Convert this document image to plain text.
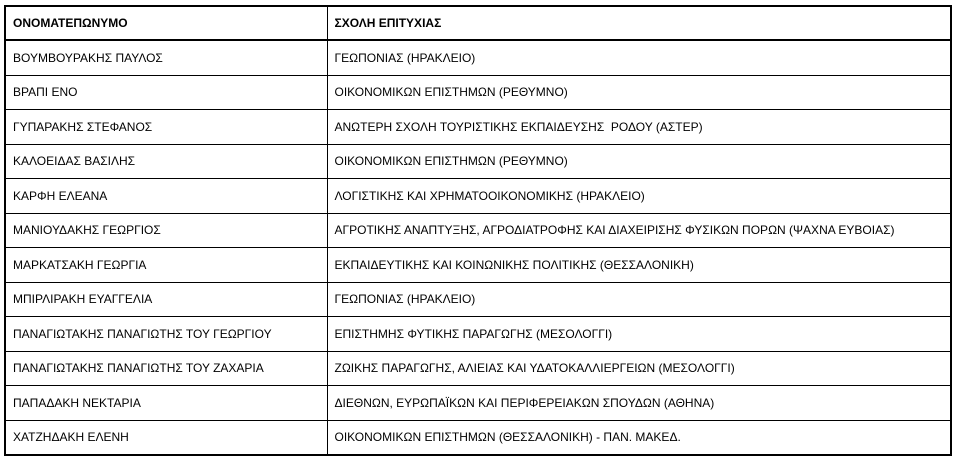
ΟΝΟΜΑΤΕΠΩΝΥΜΟ	ΣΧΟΛΗ ΕΠΙΤΥΧΙΑΣ
ΒΟΥΜΒΟΥΡΑΚΗΣ ΠΑΥΛΟΣ	ΓΕΩΠΟΝΙΑΣ (ΗΡΑΚΛΕΙΟ)
ΒΡΑΠΙ ΕΝΟ	ΟΙΚΟΝΟΜΙΚΩΝ ΕΠΙΣΤΗΜΩΝ (ΡΕΘΥΜΝΟ)
ΓΥΠΑΡΑΚΗΣ ΣΤΕΦΑΝΟΣ	ΑΝΩΤΕΡΗ ΣΧΟΛΗ ΤΟΥΡΙΣΤΙΚΗΣ ΕΚΠΑΙΔΕΥΣΗΣ  ΡΟΔΟΥ (ΑΣΤΕΡ)
ΚΑΛΟΕΙΔΑΣ ΒΑΣΙΛΗΣ	ΟΙΚΟΝΟΜΙΚΩΝ ΕΠΙΣΤΗΜΩΝ (ΡΕΘΥΜΝΟ)
ΚΑΡΦΗ ΕΛΕΑΝΑ	ΛΟΓΙΣΤΙΚΗΣ ΚΑΙ ΧΡΗΜΑΤΟΟΙΚΟΝΟΜΙΚΗΣ (ΗΡΑΚΛΕΙΟ)
ΜΑΝΙΟΥΔΑΚΗΣ ΓΕΩΡΓΙΟΣ	ΑΓΡΟΤΙΚΗΣ ΑΝΑΠΤΥΞΗΣ, ΑΓΡΟΔΙΑΤΡΟΦΗΣ ΚΑΙ ΔΙΑΧΕΙΡΙΣΗΣ ΦΥΣΙΚΩΝ ΠΟΡΩΝ (ΨΑΧΝΑ ΕΥΒΟΙΑΣ)
ΜΑΡΚΑΤΣΑΚΗ ΓΕΩΡΓΙΑ	ΕΚΠΑΙΔΕΥΤΙΚΗΣ ΚΑΙ ΚΟΙΝΩΝΙΚΗΣ ΠΟΛΙΤΙΚΗΣ (ΘΕΣΣΑΛΟΝΙΚΗ)
ΜΠΙΡΛΙΡΑΚΗ ΕΥΑΓΓΕΛΙΑ	ΓΕΩΠΟΝΙΑΣ (ΗΡΑΚΛΕΙΟ)
ΠΑΝΑΓΙΩΤΑΚΗΣ ΠΑΝΑΓΙΩΤΗΣ ΤΟΥ ΓΕΩΡΓΙΟΥ	ΕΠΙΣΤΗΜΗΣ ΦΥΤΙΚΗΣ ΠΑΡΑΓΩΓΗΣ (ΜΕΣΟΛΟΓΓΙ)
ΠΑΝΑΓΙΩΤΑΚΗΣ ΠΑΝΑΓΙΩΤΗΣ ΤΟΥ ΖΑΧΑΡΙΑ	ΖΩΙΚΗΣ ΠΑΡΑΓΩΓΗΣ, ΑΛΙΕΙΑΣ ΚΑΙ ΥΔΑΤΟΚΑΛΛΙΕΡΓΕΙΩΝ (ΜΕΣΟΛΟΓΓΙ)
ΠΑΠΑΔΑΚΗ ΝΕΚΤΑΡΙΑ	ΔΙΕΘΝΩΝ, ΕΥΡΩΠΑΪΚΩΝ ΚΑΙ ΠΕΡΙΦΕΡΕΙΑΚΩΝ ΣΠΟΥΔΩΝ (ΑΘΗΝΑ)
ΧΑΤΖΗΔΑΚΗ ΕΛΕΝΗ	ΟΙΚΟΝΟΜΙΚΩΝ ΕΠΙΣΤΗΜΩΝ (ΘΕΣΣΑΛΟΝΙΚΗ) - ΠΑΝ. ΜΑΚΕΔ.
